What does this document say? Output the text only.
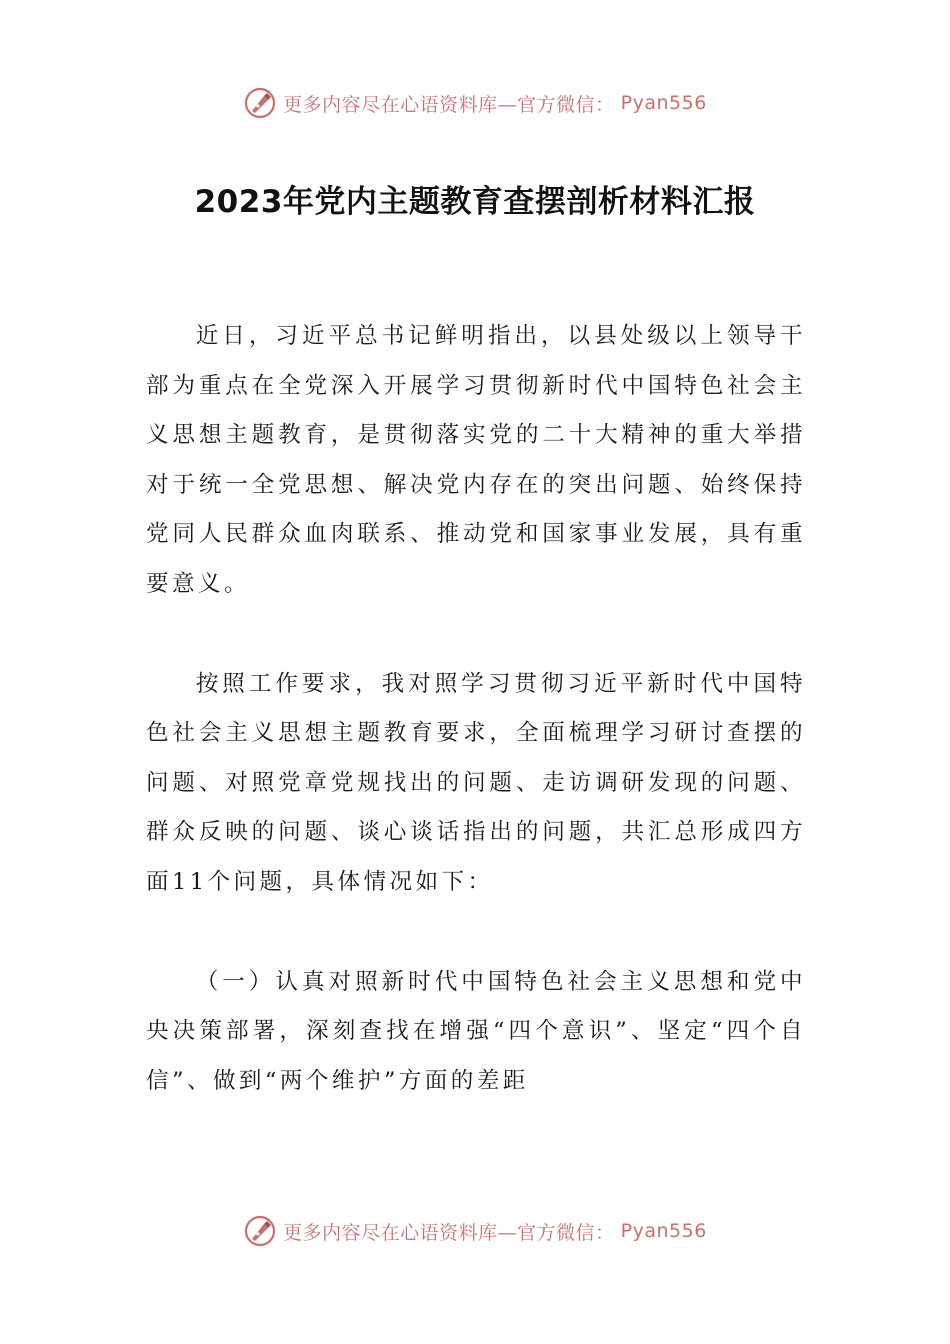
更多内容尽在心语资料库—官方微信： Pyan556
2023年党内主题教育查摆剖析材料汇报

近日，习近平总书记鲜明指出，以县处级以上领导干部为重点在全党深入开展学习贯彻新时代中国特色社会主义思想主题教育，是贯彻落实党的二十大精神的重大举措对于统一全党思想、解决党内存在的突出问题、始终保持党同人民群众血肉联系、推动党和国家事业发展，具有重要意义。

按照工作要求，我对照学习贯彻习近平新时代中国特色社会主义思想主题教育要求，全面梳理学习研讨查摆的问题、对照党章党规找出的问题、走访调研发现的问题、群众反映的问题、谈心谈话指出的问题，共汇总形成四方面11个问题，具体情况如下：

（一）认真对照新时代中国特色社会主义思想和党中央决策部署，深刻查找在增强“四个意识”、坚定“四个自信”、做到“两个维护”方面的差距

更多内容尽在心语资料库—官方微信： Pyan556
